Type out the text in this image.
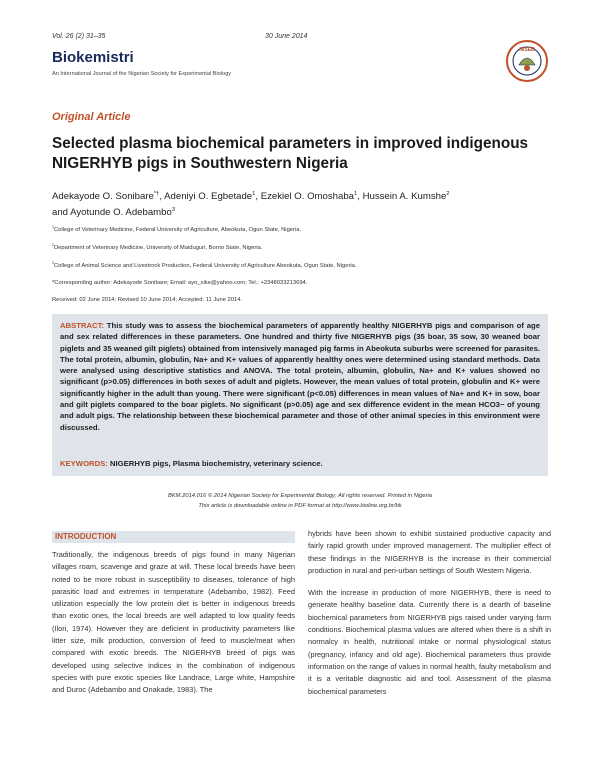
Vol. 26 (2) 31–35	30 June 2014
Biokemistri
An International Journal of the Nigerian Society for Experimental Biology
NISEB
Original Article
Selected plasma biochemical parameters in improved indigenous NIGERHYB pigs in Southwestern Nigeria
Adekayode O. Sonibare*†, Adeniyi O. Egbetade$^1$, Ezekiel O. Omoshaba$^1$, Hussein A. Kumshe$^2$
and Ayotunde O. Adebambo$^3$
$^1$College of Veterinary Medicine, Federal University of Agriculture, Abeokuta, Ogun State, Nigeria.
$^2$Department of Veterinary Medicine, University of Maiduguri, Borno State, Nigeria.
$^3$College of Animal Science and Livestrock Production, Federal University of Agriculture Abeokuta, Ogun State, Nigeria.
*Corresponding author: Adekayode Sonibare; Email: ayo_sike@yahoo.com; Tel.; +2348033213694.
Received: 02 June 2014; Revised 10 June 2014; Accepted: 11 June 2014.
ABSTRACT: This study was to assess the biochemical parameters of apparently healthy NIGERHYB pigs and comparison of age and sex related differences in these parameters. One hundred and thirty five NIGERHYB pigs (35 boar, 35 sow, 30 weaned boar piglets and 35 weaned gilt piglets) obtained from intensively managed pig farms in Abeokuta suburbs were screened for parasites. The total protein, albumin, globulin, Na+ and K+ values of apparently healthy ones were determined using standard methods. Data were analysed using descriptive statistics and ANOVA. The total protein, albumin, globulin, Na+ and K+ values showed no significant (p>0.05) differences in both sexes of adult and piglets. However, the mean values of total protein, globulin and K+ were significantly higher in the adult than young. There were significant (p<0.05) differences in mean values of Na+ and K+ in sow, boar and gilt piglets compared to the boar piglets. No significant (p>0.05) age and sex difference evident in the mean HCO3− of young and adult pigs. The relationship between these biochemical parameter and those of other animal species in this environment were discussed.
KEYWORDS: NIGERHYB pigs, Plasma biochemistry, veterinary science.
BKM.2014.016 © 2014 Nigerian Society for Experimental Biology; All rights reserved. Printed in Nigeria
This article is downloadable online in PDF format at http://www.bioline.org.br/bk
INTRODUCTION

Traditionally, the indigenous breeds of pigs found in many Nigerian villages roam, scavenge and graze at will. These local breeds have been noted to be more robust in susceptibility to diseases, tolerance of high parasitic load and extremes in temperature (Adebambo, 1982). Feed utilization especially the low protein diet is better in indigenous breeds than exotic ones, the local breeds are well adapted to low quality feeds (Ilori, 1974). However they are deficient in productivity parameters like litter size, milk production, conversion of feed to muscle/meat when compared with exotic breeds. The NIGERHYB breed of pigs was developed using selective indices in the combination of indigenous species with pure exotic species like Landrace, Large white, Hampshire and Duroc (Adebambo and Onakade, 1983). The

hybrids have been shown to exhibit sustained productive capacity and fairly rapid growth under improved management. The multiplier effect of these findings in the NIGERHYB is the increase in their commercial production in rural and peri-urban settings of South Western Nigeria.

With the increase in production of more NIGERHYB, there is need to generate healthy baseline data. Currently there is a dearth of baseline biochemical parameters from NIGERHYB pigs raised under varying farm conditions. Biochemical plasma values are altered when there is a shift in normalcy in health, nutritional intake or normal physiological status (pregnancy, infancy and old age). Biochemical parameters thus provide information on the range of values in normal health, faulty metabolism and it is a veritable diagnostic aid and tool. Assessment of the plasma biochemical parameters
